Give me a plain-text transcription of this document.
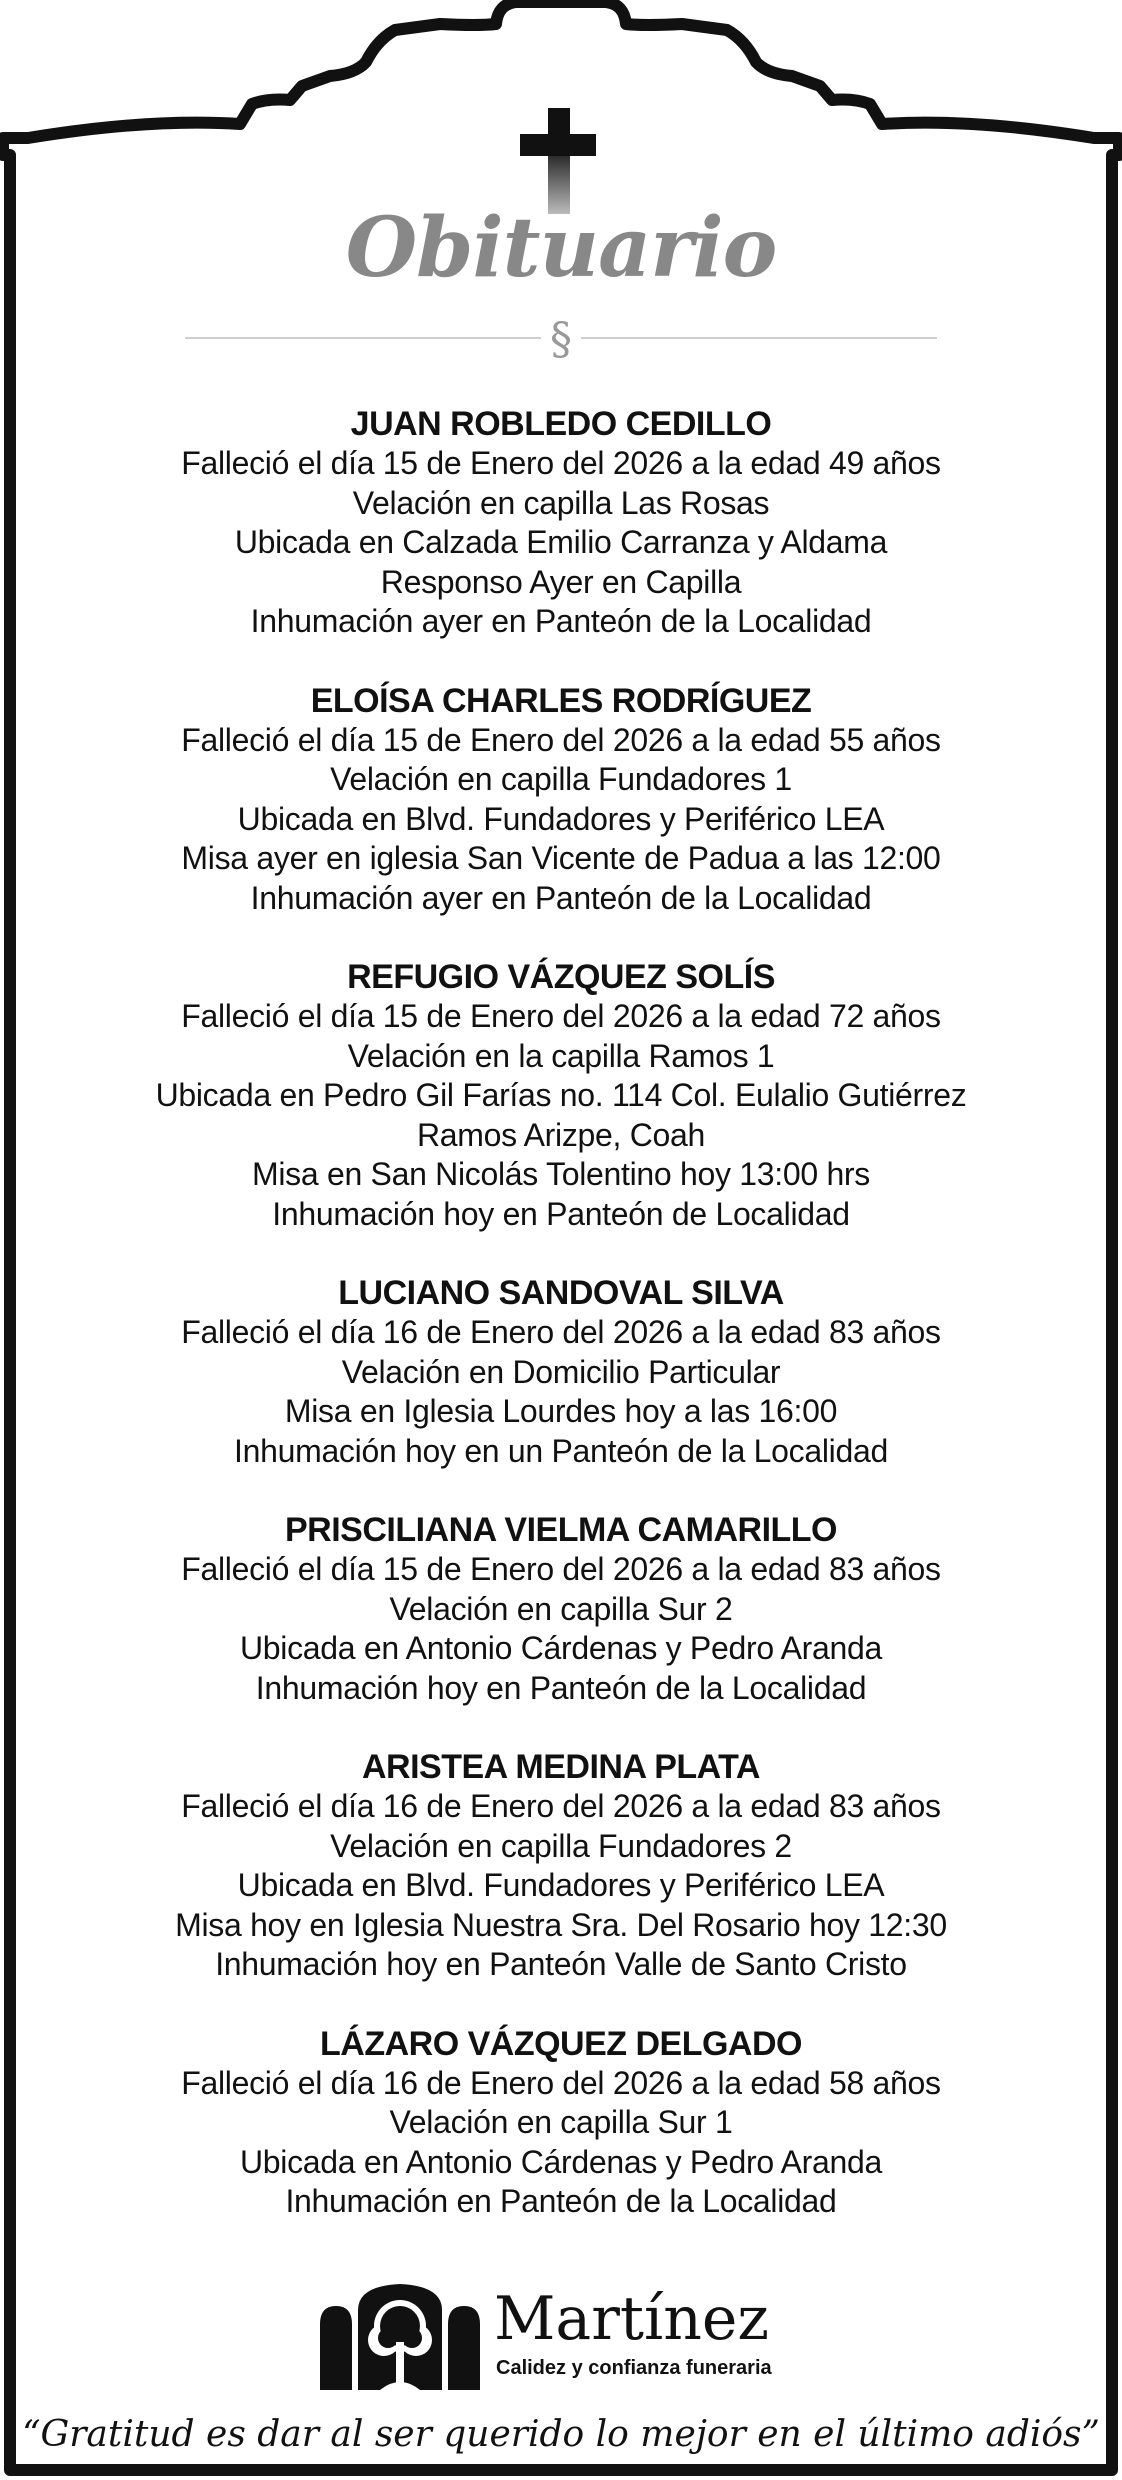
Obituario
§
JUAN ROBLEDO CEDILLO
Falleció el día 15 de Enero del 2026 a la edad 49 años
Velación en capilla Las Rosas
Ubicada en Calzada Emilio Carranza y Aldama
Responso Ayer en Capilla
Inhumación ayer en Panteón de la Localidad
ELOÍSA CHARLES RODRÍGUEZ
Falleció el día 15 de Enero del 2026 a la edad 55 años
Velación en capilla Fundadores 1
Ubicada en Blvd. Fundadores y Periférico LEA
Misa ayer en iglesia San Vicente de Padua a las 12:00
Inhumación ayer en Panteón de la Localidad
REFUGIO VÁZQUEZ SOLÍS
Falleció el día 15 de Enero del 2026 a la edad 72 años
Velación en la capilla Ramos 1
Ubicada en Pedro Gil Farías no. 114 Col. Eulalio Gutiérrez
Ramos Arizpe, Coah
Misa en San Nicolás Tolentino hoy 13:00 hrs
Inhumación hoy en Panteón de Localidad
LUCIANO SANDOVAL SILVA
Falleció el día 16 de Enero del 2026 a la edad 83 años
Velación en Domicilio Particular
Misa en Iglesia Lourdes hoy a las 16:00
Inhumación hoy en un Panteón de la Localidad
PRISCILIANA VIELMA CAMARILLO
Falleció el día 15 de Enero del 2026 a la edad 83 años
Velación en capilla Sur 2
Ubicada en Antonio Cárdenas y Pedro Aranda
Inhumación hoy en Panteón de la Localidad
ARISTEA MEDINA PLATA
Falleció el día 16 de Enero del 2026 a la edad 83 años
Velación en capilla Fundadores 2
Ubicada en Blvd. Fundadores y Periférico LEA
Misa hoy en Iglesia Nuestra Sra. Del Rosario hoy 12:30
Inhumación hoy en Panteón Valle de Santo Cristo
LÁZARO VÁZQUEZ DELGADO
Falleció el día 16 de Enero del 2026 a la edad 58 años
Velación en capilla Sur 1
Ubicada en Antonio Cárdenas y Pedro Aranda
Inhumación en Panteón de la Localidad
Martínez
Calidez y confianza funeraria
“Gratitud es dar al ser querido lo mejor en el último adiós”
